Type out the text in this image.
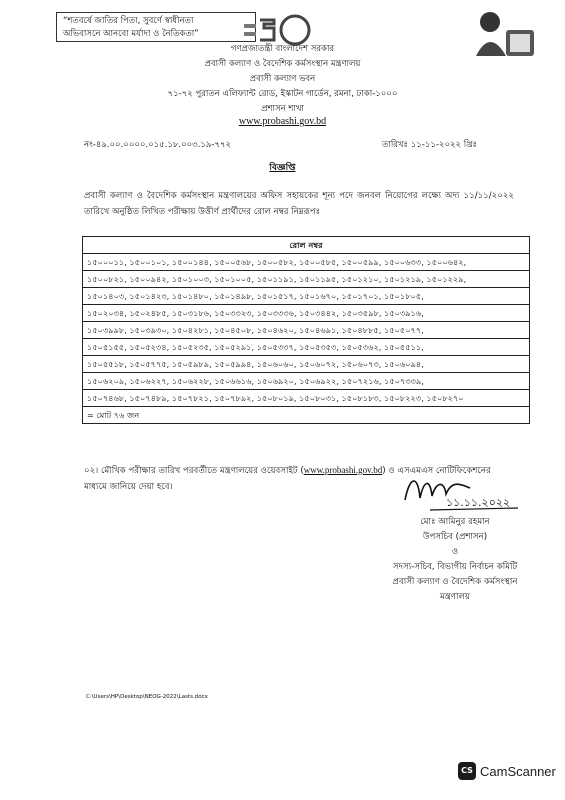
“শতবর্ষে জাতির পিতা, সুবর্ণে স্বাধীনতা
অভিবাসনে আনবো মর্যাদা ও নৈতিকতা”
গণপ্রজাতন্ত্রী বাংলাদেশ সরকার
প্রবাসী কল্যাণ ও বৈদেশিক কর্মসংস্থান মন্ত্রণালয়
প্রবাসী কল্যাণ ভবন
৭১-৭২ পুরাতন এলিফ্যান্ট রোড, ইস্কাটন গার্ডেন, রমনা, ঢাকা-১০০০
প্রশাসন শাখা
www.probashi.gov.bd
নং-৪৯.০০.০০০০.০১৫.১৮.০০৩.১৯-৭৭২	তারিখঃ ১১-১১-২০২২ খ্রিঃ
বিজ্ঞপ্তি
প্রবাসী কল্যাণ ও বৈদেশিক কর্মসংস্থান মন্ত্রণালয়ের অফিস সহায়কের শূন্য পদে জনবল নিয়োগের লক্ষ্যে অদ্য ১১/১১/২০২২ তারিখে অনুষ্ঠিত লিখিত পরীক্ষায় উত্তীর্ণ প্রার্থীদের রোল নম্বর নিম্নরূপঃ
রোল নম্বর
১৫০০০১১, ১৫০০১০১, ১৫০০১৪৪, ১৫০০৫৬৮, ১৫০০৫৮২, ১৫০০৫৮৫, ১৫০০৫৯৯, ১৫০০৬৩৩, ১৫০০৬৪২,
১৫০০৮২১, ১৫০০৯৪২, ১৫০১০০৩, ১৫০১০০৫, ১৫০১১৯১, ১৫০১১৯৫, ১৫০১২১০, ১৫০১২১৯, ১৫০১২২৯,
১৫০১৪০৩, ১৫০১৪২৩, ১৫০১৪৮০, ১৫০১৪৯৮, ১৫০১৫১৭, ১৫০১৬৭০, ১৫০১৭০১, ১৫০১৮০৫,
১৫০২০৩৪, ১৫০২৪৮৫, ১৫০৩১৮৬, ১৫০৩৩২৩, ১৫০৩৩৩৬, ১৫০৩৪৪২, ১৫০৩৫৯৮, ১৫০৩৯১৬,
১৫০৩৯৯৮, ১৫০৩৯৩০, ১৫০৪২৮১, ১৫০৪৫০৮, ১৫০৪৬২০, ১৫০৪৬৯১, ১৫০৪৮৮৫, ১৫০৫০৭৭,
১৫০৫১৫৫, ১৫০৫২৩৪, ১৫০৫২৩৫, ১৫০৫২৯১, ১৫০৫৩৩৭, ১৫০৫৩৫৩, ১৫০৫৩৬২, ১৫০৫৫১১,
১৫০৫৫১৮, ১৫০৫৭৭৫, ১৫০৫৯৮৯, ১৫০৫৯৯৪, ১৫০৬০৬০, ১৫০৬০৭২, ১৫০৬০৭৩, ১৫০৬০৯৪,
১৫০৬২০৯, ১৫০৬২২৭, ১৫০৬২২৮, ১৫০৬৬১৬, ১৫০৬৯২০, ১৫০৬৯২২, ১৫০৭২১৬, ১৫০৭৩৩৯,
১৫০৭৪৬৮, ১৫০৭৪৮৯, ১৫০৭৮২১, ১৫০৭৮৯২, ১৫০৮০১৯, ১৫০৮০৩১, ১৫০৮১৮৩, ১৫০৮২২৩, ১৫০৮২৭০
= মোট ৭৬ জন
০২। মৌখিক পরীক্ষার তারিখ পরবর্তীতে মন্ত্রণালয়ের ওয়েবসাইট (www.probashi.gov.bd) ও এসএমএস নোটিফিকেশনের মাধ্যমে জানিয়ে দেয়া হবে।
১১.১১.২০২২
মোঃ আমিনুর রহমান
উপসচিব (প্রশাসন)
ও
সদস্য-সচিব, বিভাগীয় নির্বাচন কমিটি
প্রবাসী কল্যাণ ও বৈদেশিক কর্মসংস্থান মন্ত্রণালয়
C:\Users\HP\Desktop\NEOG-2022\Lasts.docx
CS CamScanner
